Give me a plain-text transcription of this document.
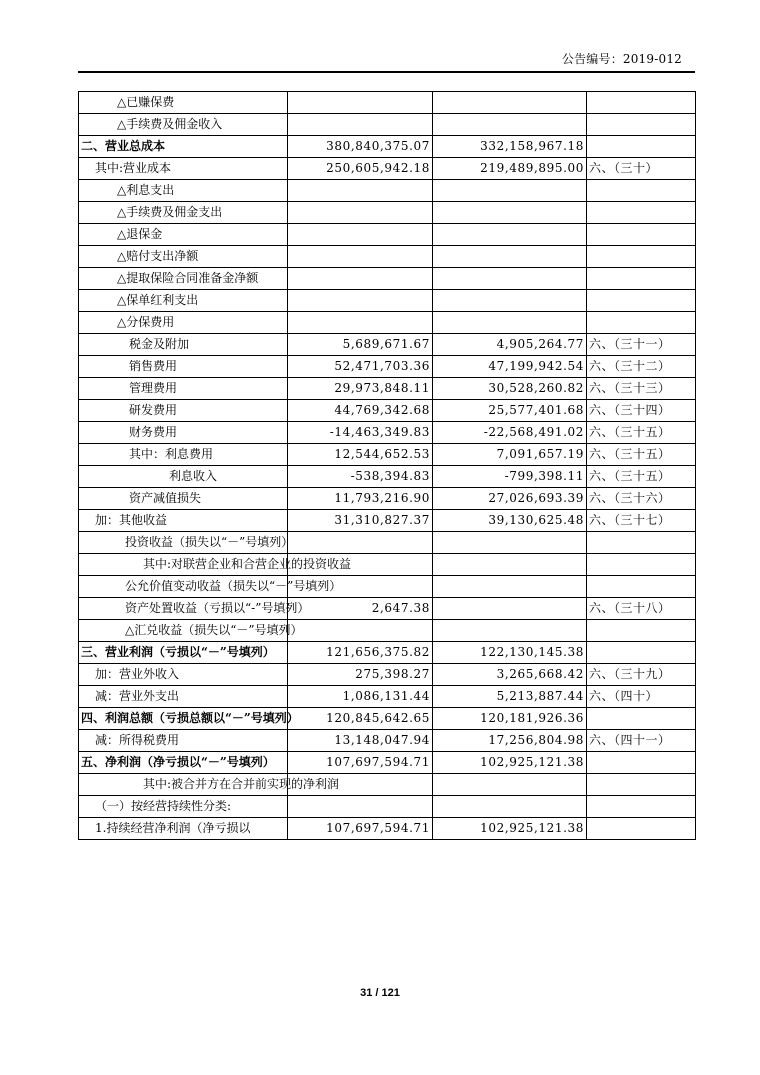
公告编号：2019-012
△已赚保费			
△手续费及佣金收入			
二、营业总成本	380,840,375.07	332,158,967.18	
其中:营业成本	250,605,942.18	219,489,895.00	六、（三十）
△利息支出			
△手续费及佣金支出			
△退保金			
△赔付支出净额			
△提取保险合同准备金净额			
△保单红利支出			
△分保费用			
税金及附加	5,689,671.67	4,905,264.77	六、（三十一）
销售费用	52,471,703.36	47,199,942.54	六、（三十二）
管理费用	29,973,848.11	30,528,260.82	六、（三十三）
研发费用	44,769,342.68	25,577,401.68	六、（三十四）
财务费用	-14,463,349.83	-22,568,491.02	六、（三十五）
其中：利息费用	12,544,652.53	7,091,657.19	六、（三十五）
利息收入	-538,394.83	-799,398.11	六、（三十五）
资产减值损失	11,793,216.90	27,026,693.39	六、（三十六）
加：其他收益	31,310,827.37	39,130,625.48	六、（三十七）
投资收益（损失以“－”号填列）			
其中:对联营企业和合营企业的投资收益			
公允价值变动收益（损失以“－”号填列）			
资产处置收益（亏损以“-”号填列）	2,647.38		六、（三十八）
△汇兑收益（损失以“－”号填列）			
三、营业利润（亏损以“－”号填列）	121,656,375.82	122,130,145.38	
加：营业外收入	275,398.27	3,265,668.42	六、（三十九）
减：营业外支出	1,086,131.44	5,213,887.44	六、（四十）
四、利润总额（亏损总额以“－”号填列）	120,845,642.65	120,181,926.36	
减：所得税费用	13,148,047.94	17,256,804.98	六、（四十一）
五、净利润（净亏损以“－”号填列）	107,697,594.71	102,925,121.38	
其中:被合并方在合并前实现的净利润			
（一）按经营持续性分类:			
1.持续经营净利润（净亏损以	107,697,594.71	102,925,121.38	
31 / 121
